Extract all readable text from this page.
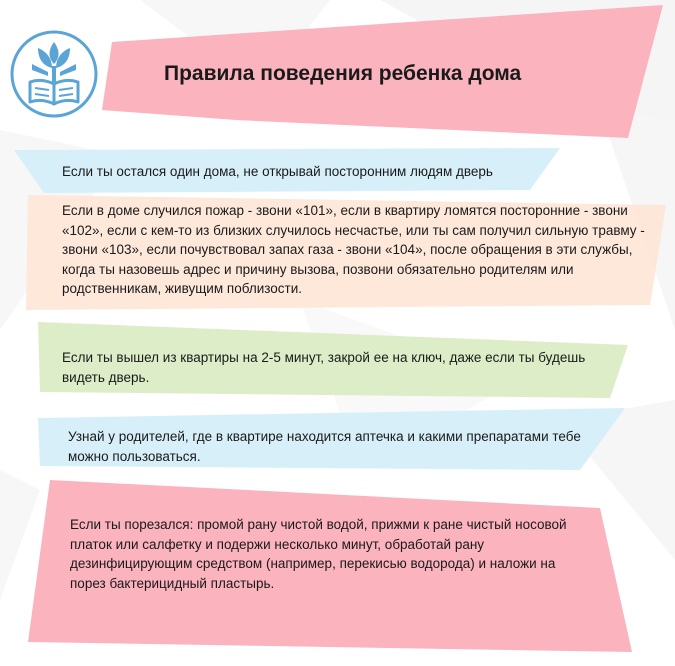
Правила поведения ребенка дома
Если ты остался один дома, не открывай посторонним людям дверь
Если в доме случился пожар - звони «101», если в квартиру ломятся посторонние - звони «102», если с кем-то из близких случилось несчастье, или ты сам получил сильную травму - звони «103», если почувствовал запах газа - звони «104», после обращения в эти службы, когда ты назовешь адрес и причину вызова, позвони обязательно родителям или родственникам, живущим поблизости.
Если ты вышел из квартиры на 2-5 минут, закрой ее на ключ, даже если ты будешь видеть дверь.
Узнай у родителей, где в квартире находится аптечка и какими препаратами тебе можно пользоваться.
Если ты порезался: промой рану чистой водой, прижми к ране чистый носовой платок или салфетку и подержи несколько минут, обработай рану дезинфицирующим средством (например, перекисью водорода) и наложи на порез бактерицидный пластырь.
